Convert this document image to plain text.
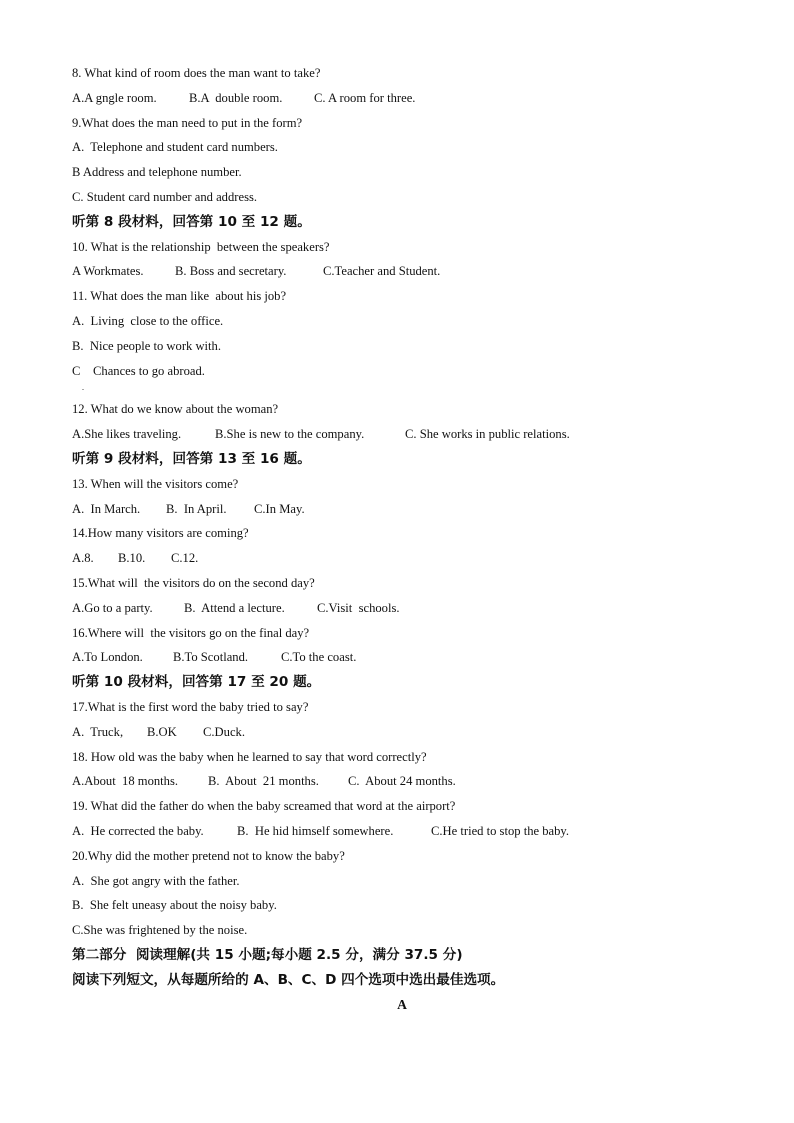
8. What kind of room does the man want to take?
A.A gngle room.	B.A  double room.	C. A room for three.
9.What does the man need to put in the form?
A.  Telephone and student card numbers.
B Address and telephone number.
C. Student card number and address.
听第 8 段材料，回答第 10 至 12 题。
10. What is the relationship  between the speakers?
A Workmates. B. Boss and secretary.	C.Teacher and Student.
11. What does the man like  about his job?
A.  Living  close to the office.
B.  Nice people to work with.
C    Chances to go abroad.
.
12. What do we know about the woman?
A.She likes traveling.	B.She is new to the company.	C. She works in public relations.
听第 9 段材料，回答第 13 至 16 题。
13. When will the visitors come?
A.  In March. B.  In April. C.In May.
14.How many visitors are coming?
A.8. B.10. C.12.
15.What will  the visitors do on the second day?
A.Go to a party. B.  Attend a lecture.	C.Visit  schools.
16.Where will  the visitors go on the final day?
A.To London. B.To Scotland.	C.To the coast.
听第 10 段材料，回答第 17 至 20 题。
17.What is the first word the baby tried to say?
A.  Truck, B.OK C.Duck.
18. How old was the baby when he learned to say that word correctly?
A.About  18 months. B.  About  21 months. C.  About 24 months.
19. What did the father do when the baby screamed that word at the airport?
A.  He corrected the baby.	B.  He hid himself somewhere.	C.He tried to stop the baby.
20.Why did the mother pretend not to know the baby?
A.  She got angry with the father.
B.  She felt uneasy about the noisy baby.
C.She was frightened by the noise.
第二部分  阅读理解(共 15 小题;每小题 2.5 分，满分 37.5 分)
阅读下列短文，从每题所给的 A、B、C、D 四个选项中选出最佳选项。
A
